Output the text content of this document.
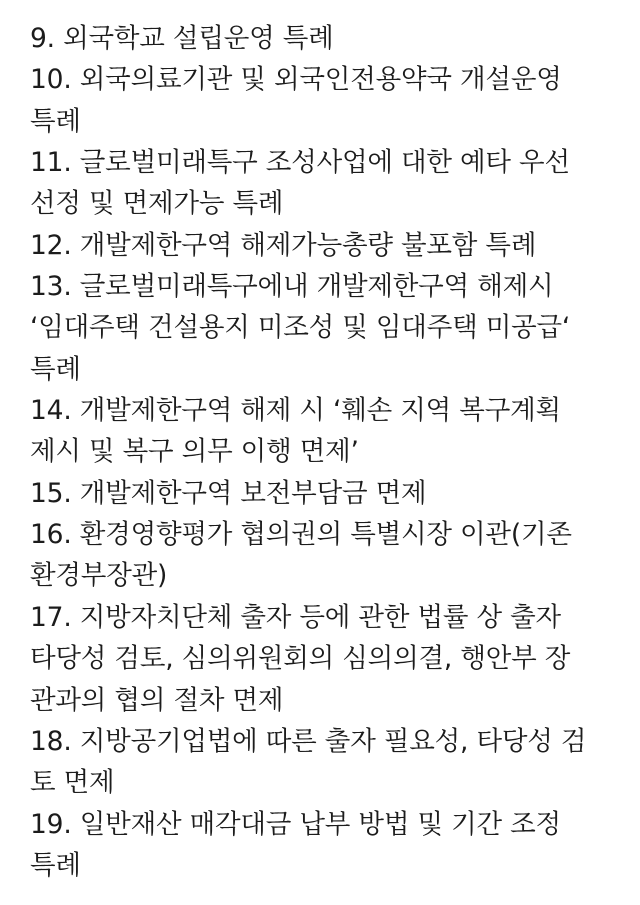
9. 외국학교 설립운영 특례
10. 외국의료기관 및 외국인전용약국 개설운영
특례
11. 글로벌미래특구 조성사업에 대한 예타 우선
선정 및 면제가능 특례
12. 개발제한구역 해제가능총량 불포함 특례
13. 글로벌미래특구에내 개발제한구역 해제시
‘임대주택 건설용지 미조성 및 임대주택 미공급‘
특례
14. 개발제한구역 해제 시 ‘훼손 지역 복구계획
제시 및 복구 의무 이행 면제’
15. 개발제한구역 보전부담금 면제
16. 환경영향평가 협의권의 특별시장 이관(기존
환경부장관)
17. 지방자치단체 출자 등에 관한 법률 상 출자
타당성 검토, 심의위원회의 심의의결, 행안부 장
관과의 협의 절차 면제
18. 지방공기업법에 따른 출자 필요성, 타당성 검
토 면제
19. 일반재산 매각대금 납부 방법 및 기간 조정
특례
